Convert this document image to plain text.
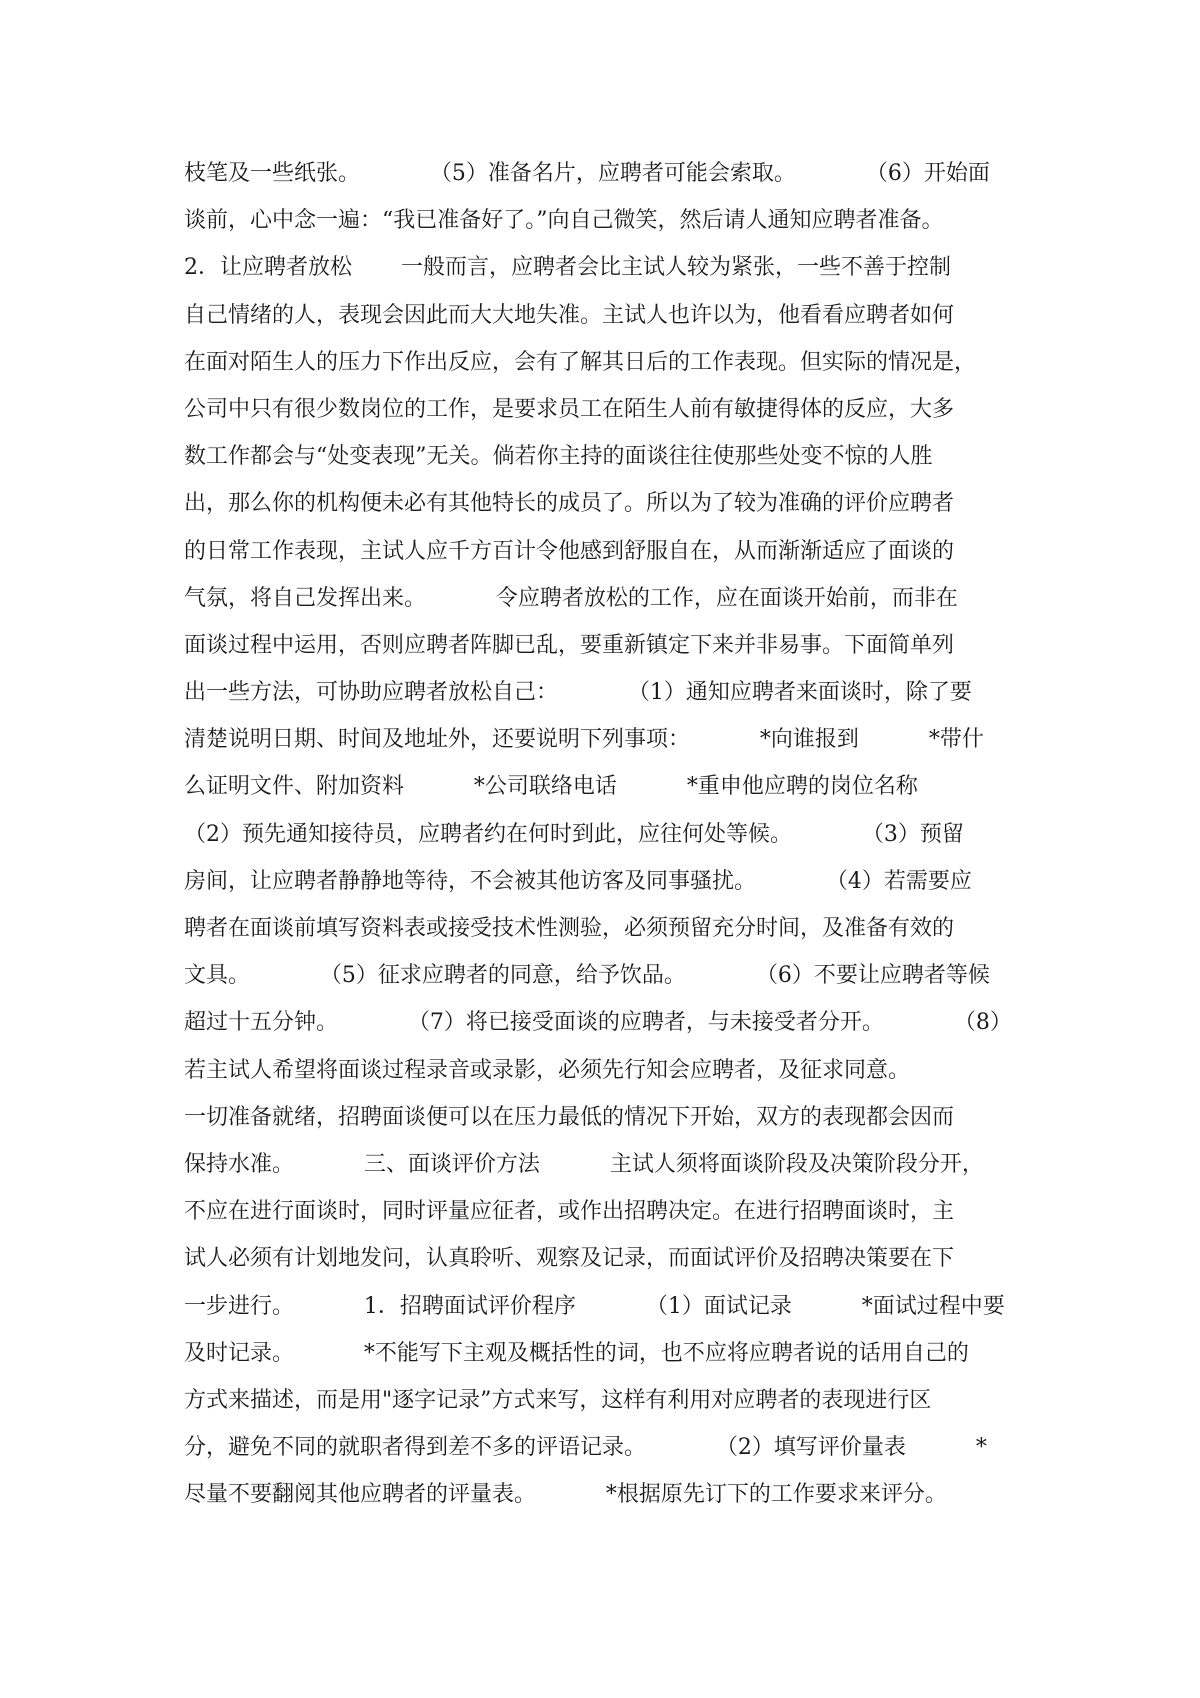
枝笔及一些纸张。          （5）准备名片，应聘者可能会索取。          （6）开始面
谈前，心中念一遍：“我已准备好了。”向自己微笑，然后请人通知应聘者准备。
2．让应聘者放松       一般而言，应聘者会比主试人较为紧张，一些不善于控制
自己情绪的人，表现会因此而大大地失准。主试人也许以为，他看看应聘者如何
在面对陌生人的压力下作出反应，会有了解其日后的工作表现。但实际的情况是，
公司中只有很少数岗位的工作，是要求员工在陌生人前有敏捷得体的反应，大多
数工作都会与“处变表现”无关。倘若你主持的面谈往往使那些处变不惊的人胜
出，那么你的机构便未必有其他特长的成员了。所以为了较为准确的评价应聘者
的日常工作表现，主试人应千方百计令他感到舒服自在，从而渐渐适应了面谈的
气氛，将自己发挥出来。          令应聘者放松的工作，应在面谈开始前，而非在
面谈过程中运用，否则应聘者阵脚已乱，要重新镇定下来并非易事。下面简单列
出一些方法，可协助应聘者放松自己：          （1）通知应聘者来面谈时，除了要
清楚说明日期、时间及地址外，还要说明下列事项：          *向谁报到          *带什
么证明文件、附加资料          *公司联络电话          *重申他应聘的岗位名称
（2）预先通知接待员，应聘者约在何时到此，应往何处等候。          （3）预留
房间，让应聘者静静地等待，不会被其他访客及同事骚扰。          （4）若需要应
聘者在面谈前填写资料表或接受技术性测验，必须预留充分时间，及准备有效的
文具。          （5）征求应聘者的同意，给予饮品。          （6）不要让应聘者等候
超过十五分钟。          （7）将已接受面谈的应聘者，与未接受者分开。          （8）
若主试人希望将面谈过程录音或录影，必须先行知会应聘者，及征求同意。
一切准备就绪，招聘面谈便可以在压力最低的情况下开始，双方的表现都会因而
保持水准。          三、面谈评价方法          主试人须将面谈阶段及决策阶段分开，
不应在进行面谈时，同时评量应征者，或作出招聘决定。在进行招聘面谈时，主
试人必须有计划地发问，认真聆听、观察及记录，而面试评价及招聘决策要在下
一步进行。          1．招聘面试评价程序          （1）面试记录          *面试过程中要
及时记录。          *不能写下主观及概括性的词，也不应将应聘者说的话用自己的
方式来描述，而是用"逐字记录”方式来写，这样有利用对应聘者的表现进行区
分，避免不同的就职者得到差不多的评语记录。          （2）填写评价量表          *
尽量不要翻阅其他应聘者的评量表。          *根据原先订下的工作要求来评分。
